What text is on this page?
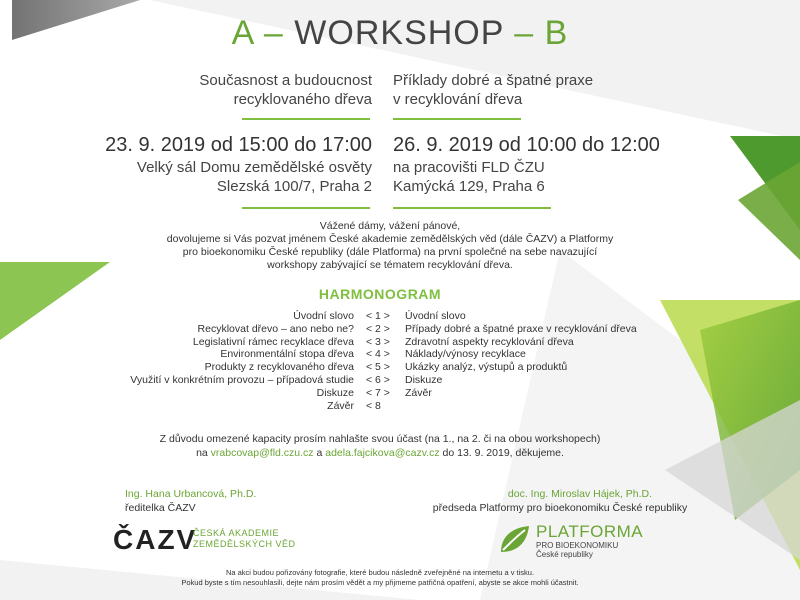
A – WORKSHOP – B
Současnost a budoucnost
recyklovaného dřeva
23. 9. 2019 od 15:00 do 17:00
Velký sál Domu zemědělské osvěty
Slezská 100/7, Praha 2
Příklady dobré a špatné praxe
v recyklování dřeva
26. 9. 2019 od 10:00 do 12:00
na pracovišti FLD ČZU
Kamýcká 129, Praha 6
Vážené dámy, vážení pánové,
dovolujeme si Vás pozvat jménem České akademie zemědělských věd (dále ČAZV) a Platformy
pro bioekonomiku České republiky (dále Platforma) na první společné na sebe navazující
workshopy zabývající se tématem recyklování dřeva.
HARMONOGRAM
Úvodní slovo < 1 >	Úvodní slovo
Recyklovat dřevo – ano nebo ne? < 2 >	Případy dobré a špatné praxe v recyklování dřeva
Legislativní rámec recyklace dřeva < 3 >	Zdravotní aspekty recyklování dřeva
Environmentální stopa dřeva < 4 >	Náklady/výnosy recyklace
Produkty z recyklovaného dřeva < 5 >	Ukázky analýz, výstupů a produktů
Využití v konkrétním provozu – případová studie < 6 >	Diskuze
Diskuze < 7 >	Závěr
Závěr < 8
Z důvodu omezené kapacity prosím nahlašte svou účast (na 1., na 2. či na obou workshopech)
na vrabcovap@fld.czu.cz a adela.fajcikova@cazv.cz do 13. 9. 2019, děkujeme.
Ing. Hana Urbancová, Ph.D.
ředitelka ČAZV
doc. Ing. Miroslav Hájek, Ph.D.
předseda Platformy pro bioekonomiku České republiky
ČAZV
ČESKÁ AKADEMIE
ZEMĚDĚLSKÝCH VĚD
PLATFORMA
PRO BIOEKONOMIKU
České republiky
Na akci budou pořizovány fotografie, které budou následně zveřejněné na internetu a v tisku.
Pokud byste s tím nesouhlasili, dejte nám prosím vědět a my přijmeme patřičná opatření, abyste se akce mohli účastnit.
